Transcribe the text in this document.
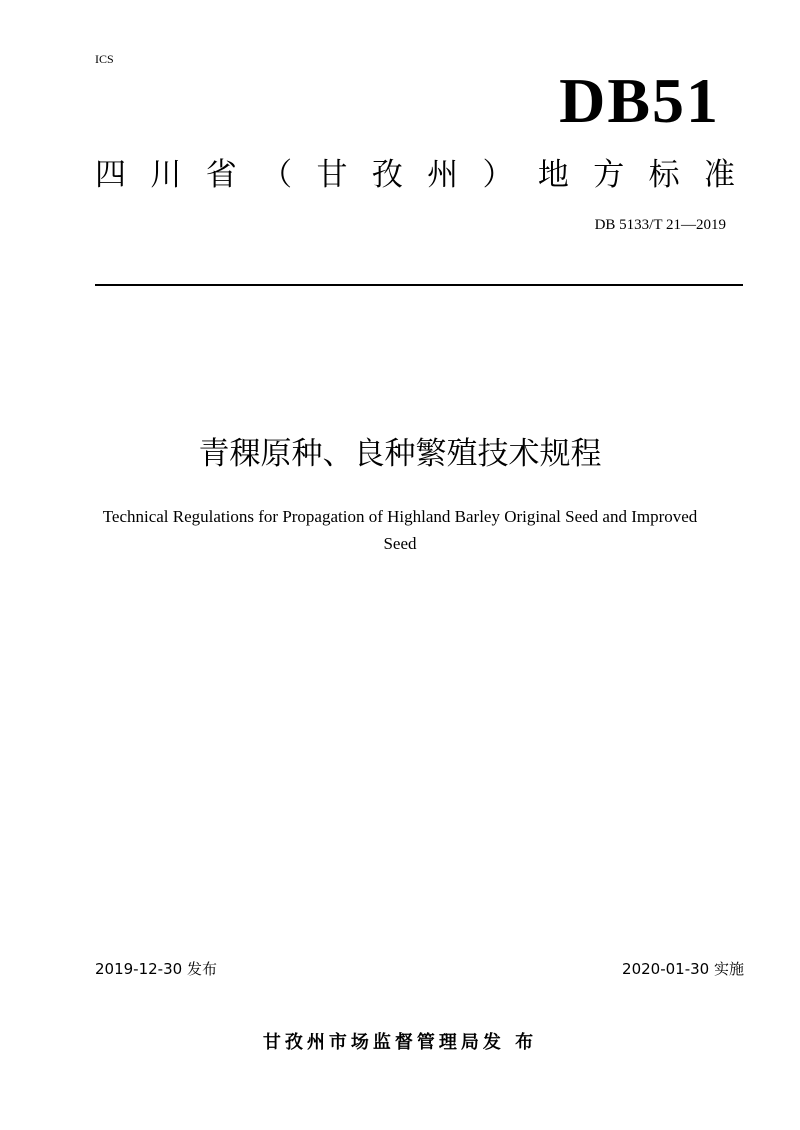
ICS
DB51
四 川 省 （ 甘 孜 州 ） 地 方 标 准
DB 5133/T 21—2019
青稞原种、良种繁殖技术规程
Technical Regulations for Propagation of Highland Barley Original Seed and Improved Seed
2019-12-30 发布	2020-01-30 实施
甘孜州市场监督管理局发 布
